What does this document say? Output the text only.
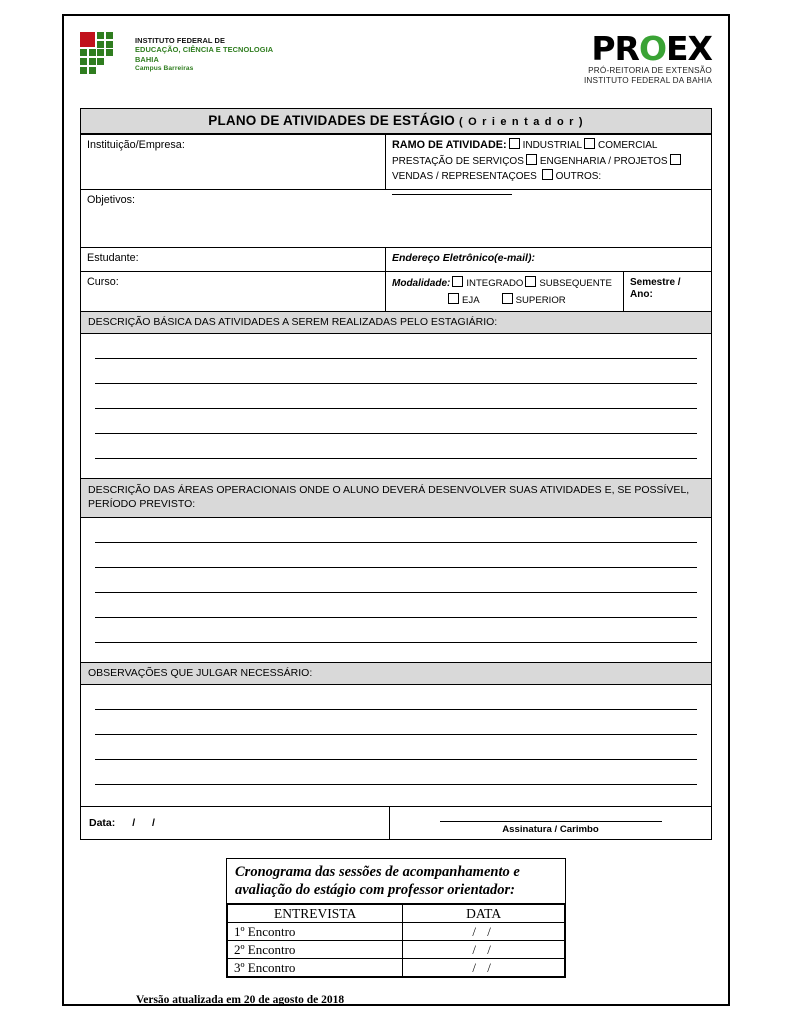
INSTITUTO FEDERAL DE
EDUCAÇÃO, CIÊNCIA E TECNOLOGIA
BAHIA
Campus Barreiras
PROEX
PRÓ-REITORIA DE EXTENSÃO
INSTITUTO FEDERAL DA BAHIA
PLANO DE ATIVIDADES DE ESTÁGIO ( O r i e n t a d o r )
Instituição/Empresa:	RAMO DE ATIVIDADE: INDUSTRIAL COMERCIAL
PRESTAÇÃO DE SERVIÇOS ENGENHARIA / PROJETOSVENDAS / REPRESENTAÇOES OUTROS:
Objetivos:
Estudante:	Endereço Eletrônico(e-mail):
Curso:	Modalidade: INTEGRADO SUBSEQUENTE
EJA	SUPERIOR
Semestre / Ano:
DESCRIÇÃO BÁSICA DAS ATIVIDADES A SEREM REALIZADAS PELO ESTAGIÁRIO:
DESCRIÇÃO DAS ÁREAS OPERACIONAIS ONDE O ALUNO DEVERÁ DESENVOLVER SUAS ATIVIDADES E, SE POSSÍVEL, PERÍODO PREVISTO:
OBSERVAÇÕES QUE JULGAR NECESSÁRIO:
Data: / /
Assinatura / Carimbo
Cronograma das sessões de acompanhamento e
avaliação do estágio com professor orientador:
ENTREVISTA	DATA
1º Encontro	/ /
2º Encontro	/ /
3º Encontro	/ /
Versão atualizada em 20 de agosto de 2018
